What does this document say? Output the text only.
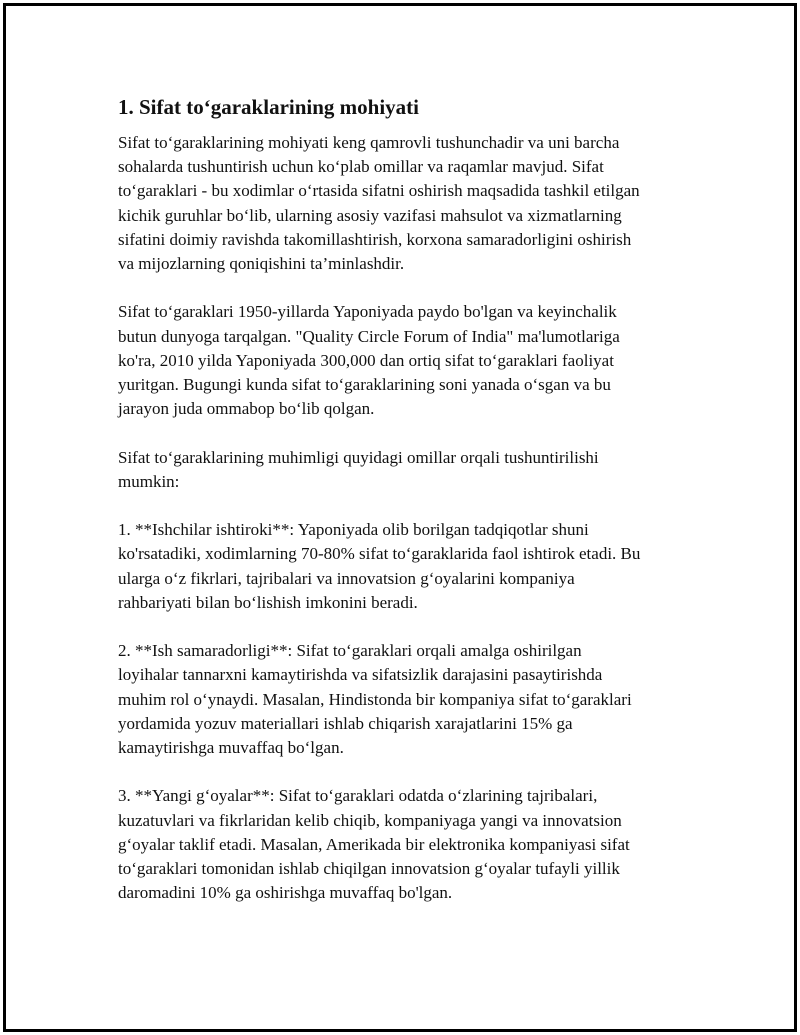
1. Sifat to‘garaklarining mohiyati

Sifat to‘garaklarining mohiyati keng qamrovli tushunchadir va uni barcha
sohalarda tushuntirish uchun ko‘plab omillar va raqamlar mavjud. Sifat
to‘garaklari - bu xodimlar o‘rtasida sifatni oshirish maqsadida tashkil etilgan
kichik guruhlar bo‘lib, ularning asosiy vazifasi mahsulot va xizmatlarning
sifatini doimiy ravishda takomillashtirish, korxona samaradorligini oshirish
va mijozlarning qoniqishini ta’minlashdir.

Sifat to‘garaklari 1950-yillarda Yaponiyada paydo bo'lgan va keyinchalik
butun dunyoga tarqalgan. "Quality Circle Forum of India" ma'lumotlariga
ko'ra, 2010 yilda Yaponiyada 300,000 dan ortiq sifat to‘garaklari faoliyat
yuritgan. Bugungi kunda sifat to‘garaklarining soni yanada o‘sgan va bu
jarayon juda ommabop bo‘lib qolgan.

Sifat to‘garaklarining muhimligi quyidagi omillar orqali tushuntirilishi
mumkin:

1. **Ishchilar ishtiroki**: Yaponiyada olib borilgan tadqiqotlar shuni
ko'rsatadiki, xodimlarning 70-80% sifat to‘garaklarida faol ishtirok etadi. Bu
ularga o‘z fikrlari, tajribalari va innovatsion g‘oyalarini kompaniya
rahbariyati bilan bo‘lishish imkonini beradi.

2. **Ish samaradorligi**: Sifat to‘garaklari orqali amalga oshirilgan
loyihalar tannarxni kamaytirishda va sifatsizlik darajasini pasaytirishda
muhim rol o‘ynaydi. Masalan, Hindistonda bir kompaniya sifat to‘garaklari
yordamida yozuv materiallari ishlab chiqarish xarajatlarini 15% ga
kamaytirishga muvaffaq bo‘lgan.

3. **Yangi g‘oyalar**: Sifat to‘garaklari odatda o‘zlarining tajribalari,
kuzatuvlari va fikrlaridan kelib chiqib, kompaniyaga yangi va innovatsion
g‘oyalar taklif etadi. Masalan, Amerikada bir elektronika kompaniyasi sifat
to‘garaklari tomonidan ishlab chiqilgan innovatsion g‘oyalar tufayli yillik
daromadini 10% ga oshirishga muvaffaq bo'lgan.
